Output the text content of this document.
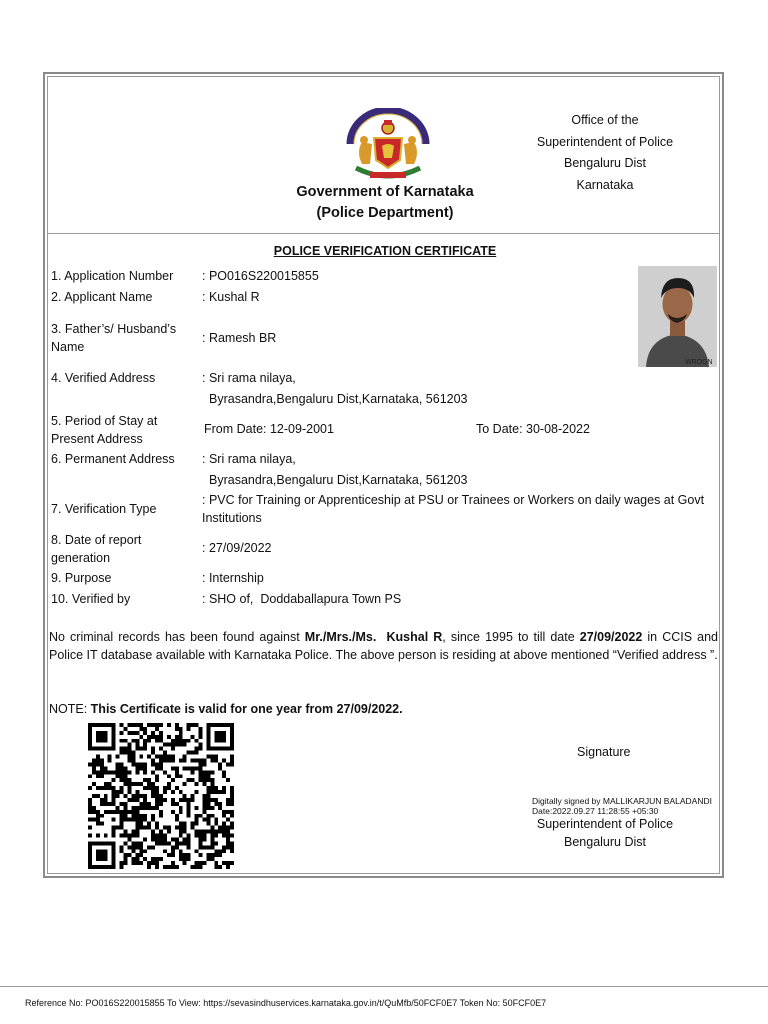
Government of Karnataka
(Police Department)
Office of the
Superintendent of Police
Bengaluru Dist
Karnataka
POLICE VERIFICATION CERTIFICATE
1. Application Number	: PO016S220015855
2. Applicant Name	: Kushal R
3. Father’s/ Husband’s Name
: Ramesh BR
4. Verified Address	: Sri rama nilaya,
Byrasandra,Bengaluru Dist,Karnataka, 561203
5. Period of Stay at Present Address
From Date: 12-09-2001	To Date: 30-08-2022
6. Permanent Address	: Sri rama nilaya,
Byrasandra,Bengaluru Dist,Karnataka, 561203
7. Verification Type
: PVC for Training or Apprenticeship at PSU or Trainees or Workers on daily wages at Govt Institutions
8. Date of report generation
: 27/09/2022
9. Purpose	: Internship
10. Verified by	: SHO of,  Doddaballapura Town PS
WROGN
No criminal records has been found against Mr./Mrs./Ms.  Kushal R, since 1995 to till date 27/09/2022 in CCIS and Police IT database available with Karnataka Police. The above person is residing at above mentioned “Verified address ”.
NOTE: This Certificate is valid for one year from 27/09/2022.
Signature
Digitally signed by MALLIKARJUN BALADANDI
Date:2022.09.27 11:28:55 +05:30
Superintendent of Police
Bengaluru Dist
Reference No: PO016S220015855 To View: https://sevasindhuservices.karnataka.gov.in/t/QuMfb/50FCF0E7 Token No: 50FCF0E7
